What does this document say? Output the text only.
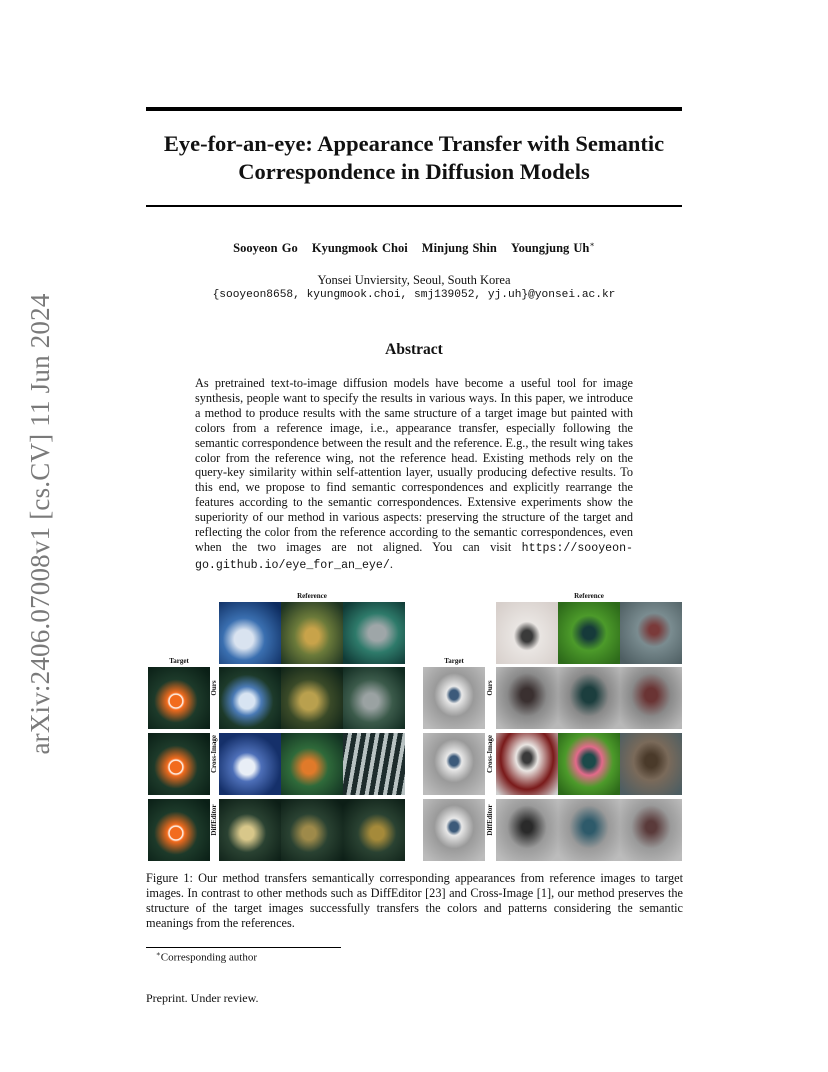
arXiv:2406.07008v1 [cs.CV] 11 Jun 2024
Eye-for-an-eye: Appearance Transfer with Semantic
Correspondence in Diffusion Models
Sooyeon Go Kyungmook Choi Minjung Shin Youngjung Uh∗
Yonsei Unviersity, Seoul, South Korea
{sooyeon8658, kyungmook.choi, smj139052, yj.uh}@yonsei.ac.kr
Abstract
As pretrained text-to-image diffusion models have become a useful tool for image synthesis, people want to specify the results in various ways. In this paper, we introduce a method to produce results with the same structure of a target image but painted with colors from a reference image, i.e., appearance transfer, especially following the semantic correspondence between the result and the reference. E.g., the result wing takes color from the reference wing, not the reference head. Existing methods rely on the query-key similarity within self-attention layer, usually producing defective results. To this end, we propose to find semantic correspondences and explicitly rearrange the features according to the semantic correspondences. Extensive experiments show the superiority of our method in various aspects: preserving the structure of the target and reflecting the color from the reference according to the semantic correspondences, even when the two images are not aligned. You can visit https://sooyeon-go.github.io/eye_for_an_eye/.
Reference
Target
Ours
Cross-Image
DiffEditor
Reference
Target
Ours
Cross-Image
DiffEditor
Figure 1: Our method transfers semantically corresponding appearances from reference images to target images. In contrast to other methods such as DiffEditor [23] and Cross-Image [1], our method preserves the structure of the target images successfully transfers the colors and patterns considering the semantic meanings from the references.
∗Corresponding author
Preprint. Under review.
